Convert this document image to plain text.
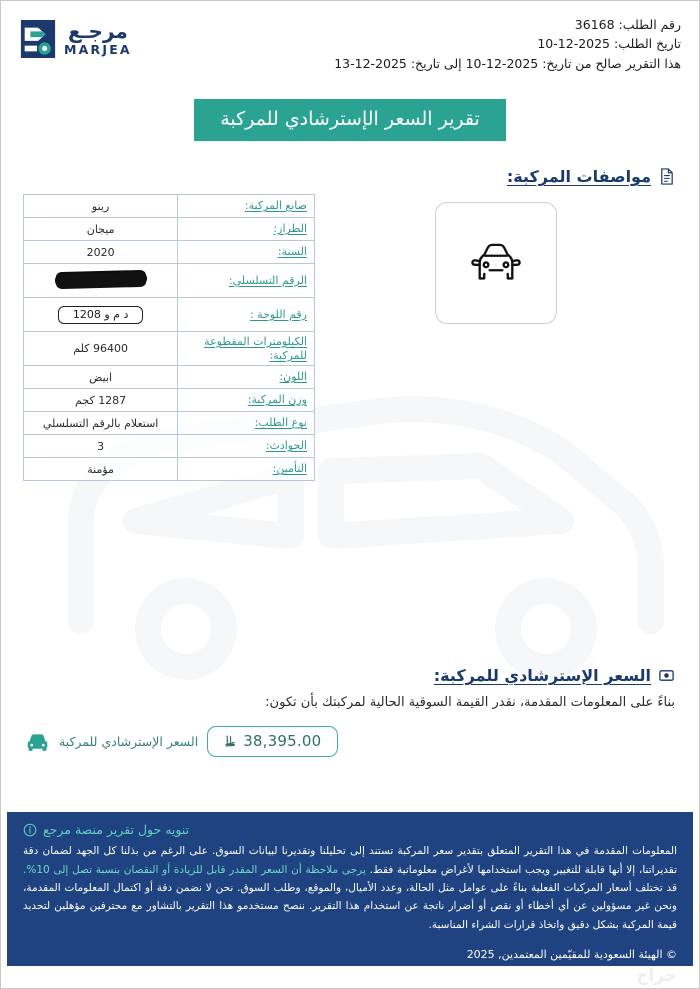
رقم الطلب: 36168
تاريخ الطلب: 2025-12-10
هذا التقرير صالح من تاريخ: 2025-12-10 إلى تاريخ: 2025-12-13
مرجـع
MARJEA
تقرير السعر الإسترشادي للمركبة
مواصفات المركبة:
صانع المركبة:	رينو
الطراز:	ميجان
السنة:	2020
الرقم التسلسلي:	
رقم اللوحة :	د م و 1208
الكيلومترات المقطوعة للمركبة:	96400 كلم
اللون:	ابيض
وزن المركبة:	1287 كجم
نوع الطلب:	استعلام بالرقم التسلسلي
الحوادث:	3
التأمين:	مؤمنة
السعر الإسترشادي للمركبة:
بناءً على المعلومات المقدمة، نقدر القيمة السوقية الحالية لمركبتك بأن تكون:
السعر الإسترشادي للمركبة	38,395.00
تنويه حول تقرير منصة مرجع
المعلومات المقدمة في هذا التقرير المتعلق بتقدير سعر المركبة تستند إلى تحليلنا وتقديرنا لبيانات السوق. على الرغم من بذلنا كل الجهد لضمان دقة تقديراتنا، إلا أنها قابلة للتغيير ويجب استخدامها لأغراض معلوماتية فقط. يرجى ملاحظة أن السعر المقدر قابل للزيادة أو النقصان بنسبة تصل إلى 10%. قد تختلف أسعار المركبات الفعلية بناءً على عوامل مثل الحالة، وعدد الأميال، والموقع، وطلب السوق. نحن لا نضمن دقة أو اكتمال المعلومات المقدمة، ونحن غير مسؤولين عن أي أخطاء أو نقص أو أضرار ناتجة عن استخدام هذا التقرير. ننصح مستخدمو هذا التقرير بالتشاور مع محترفين مؤهلين لتحديد قيمة المركبة بشكل دقيق واتخاذ قرارات الشراء المناسبة.
© الهيئة السعودية للمقيّمين المعتمدين, 2025
حراج
